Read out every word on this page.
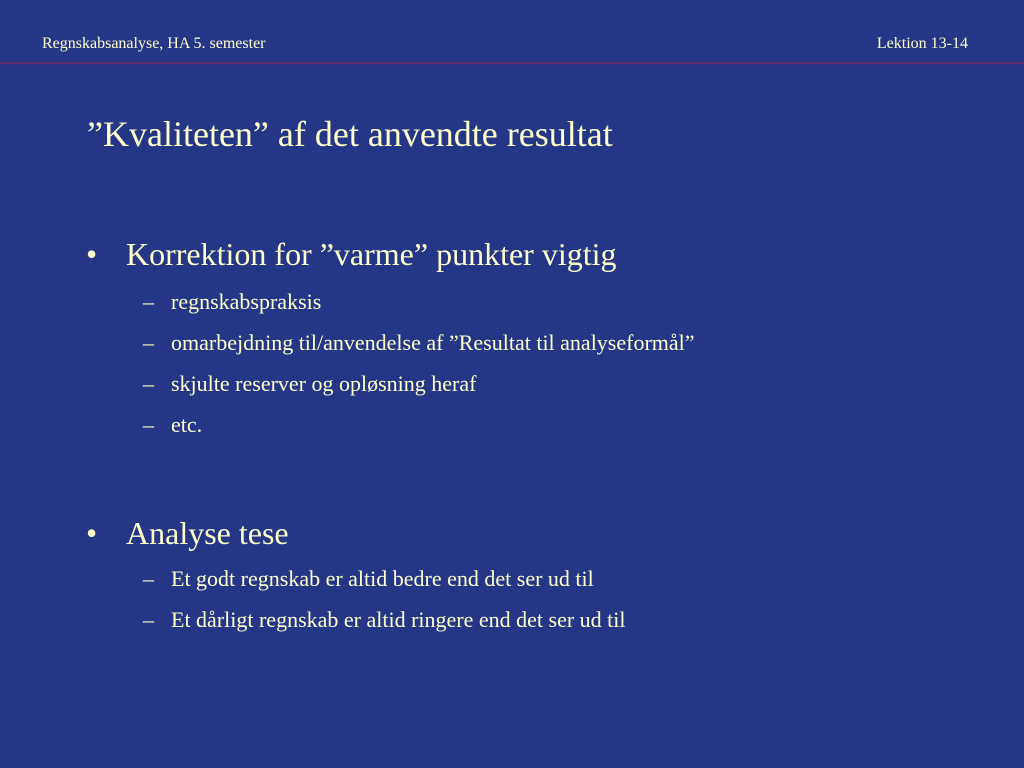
Regnskabsanalyse, HA 5. semester	Lektion 13-14
”Kvaliteten” af det anvendte resultat
• Korrektion for ”varme” punkter vigtig
– regnskabspraksis
– omarbejdning til/anvendelse af ”Resultat til analyseformål”
– skjulte reserver og opløsning heraf
– etc.
• Analyse tese
– Et godt regnskab er altid bedre end det ser ud til
– Et dårligt regnskab er altid ringere end det ser ud til
